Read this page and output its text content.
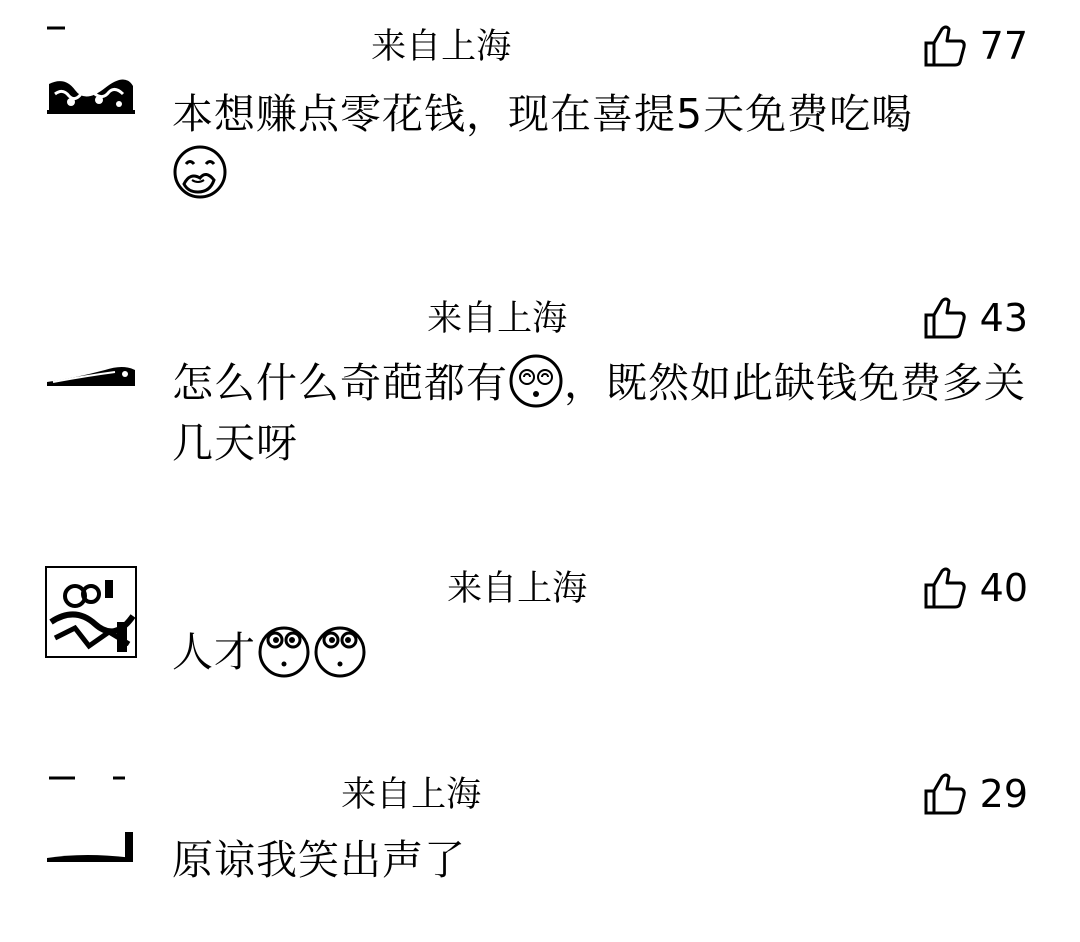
来自上海	77
本想赚点零花钱，现在喜提5天免费吃喝

来自上海	43
怎么什么奇葩都有 ，既然如此缺钱免费多关几天呀
来自上海	40
人才
来自上海	29
原谅我笑出声了
